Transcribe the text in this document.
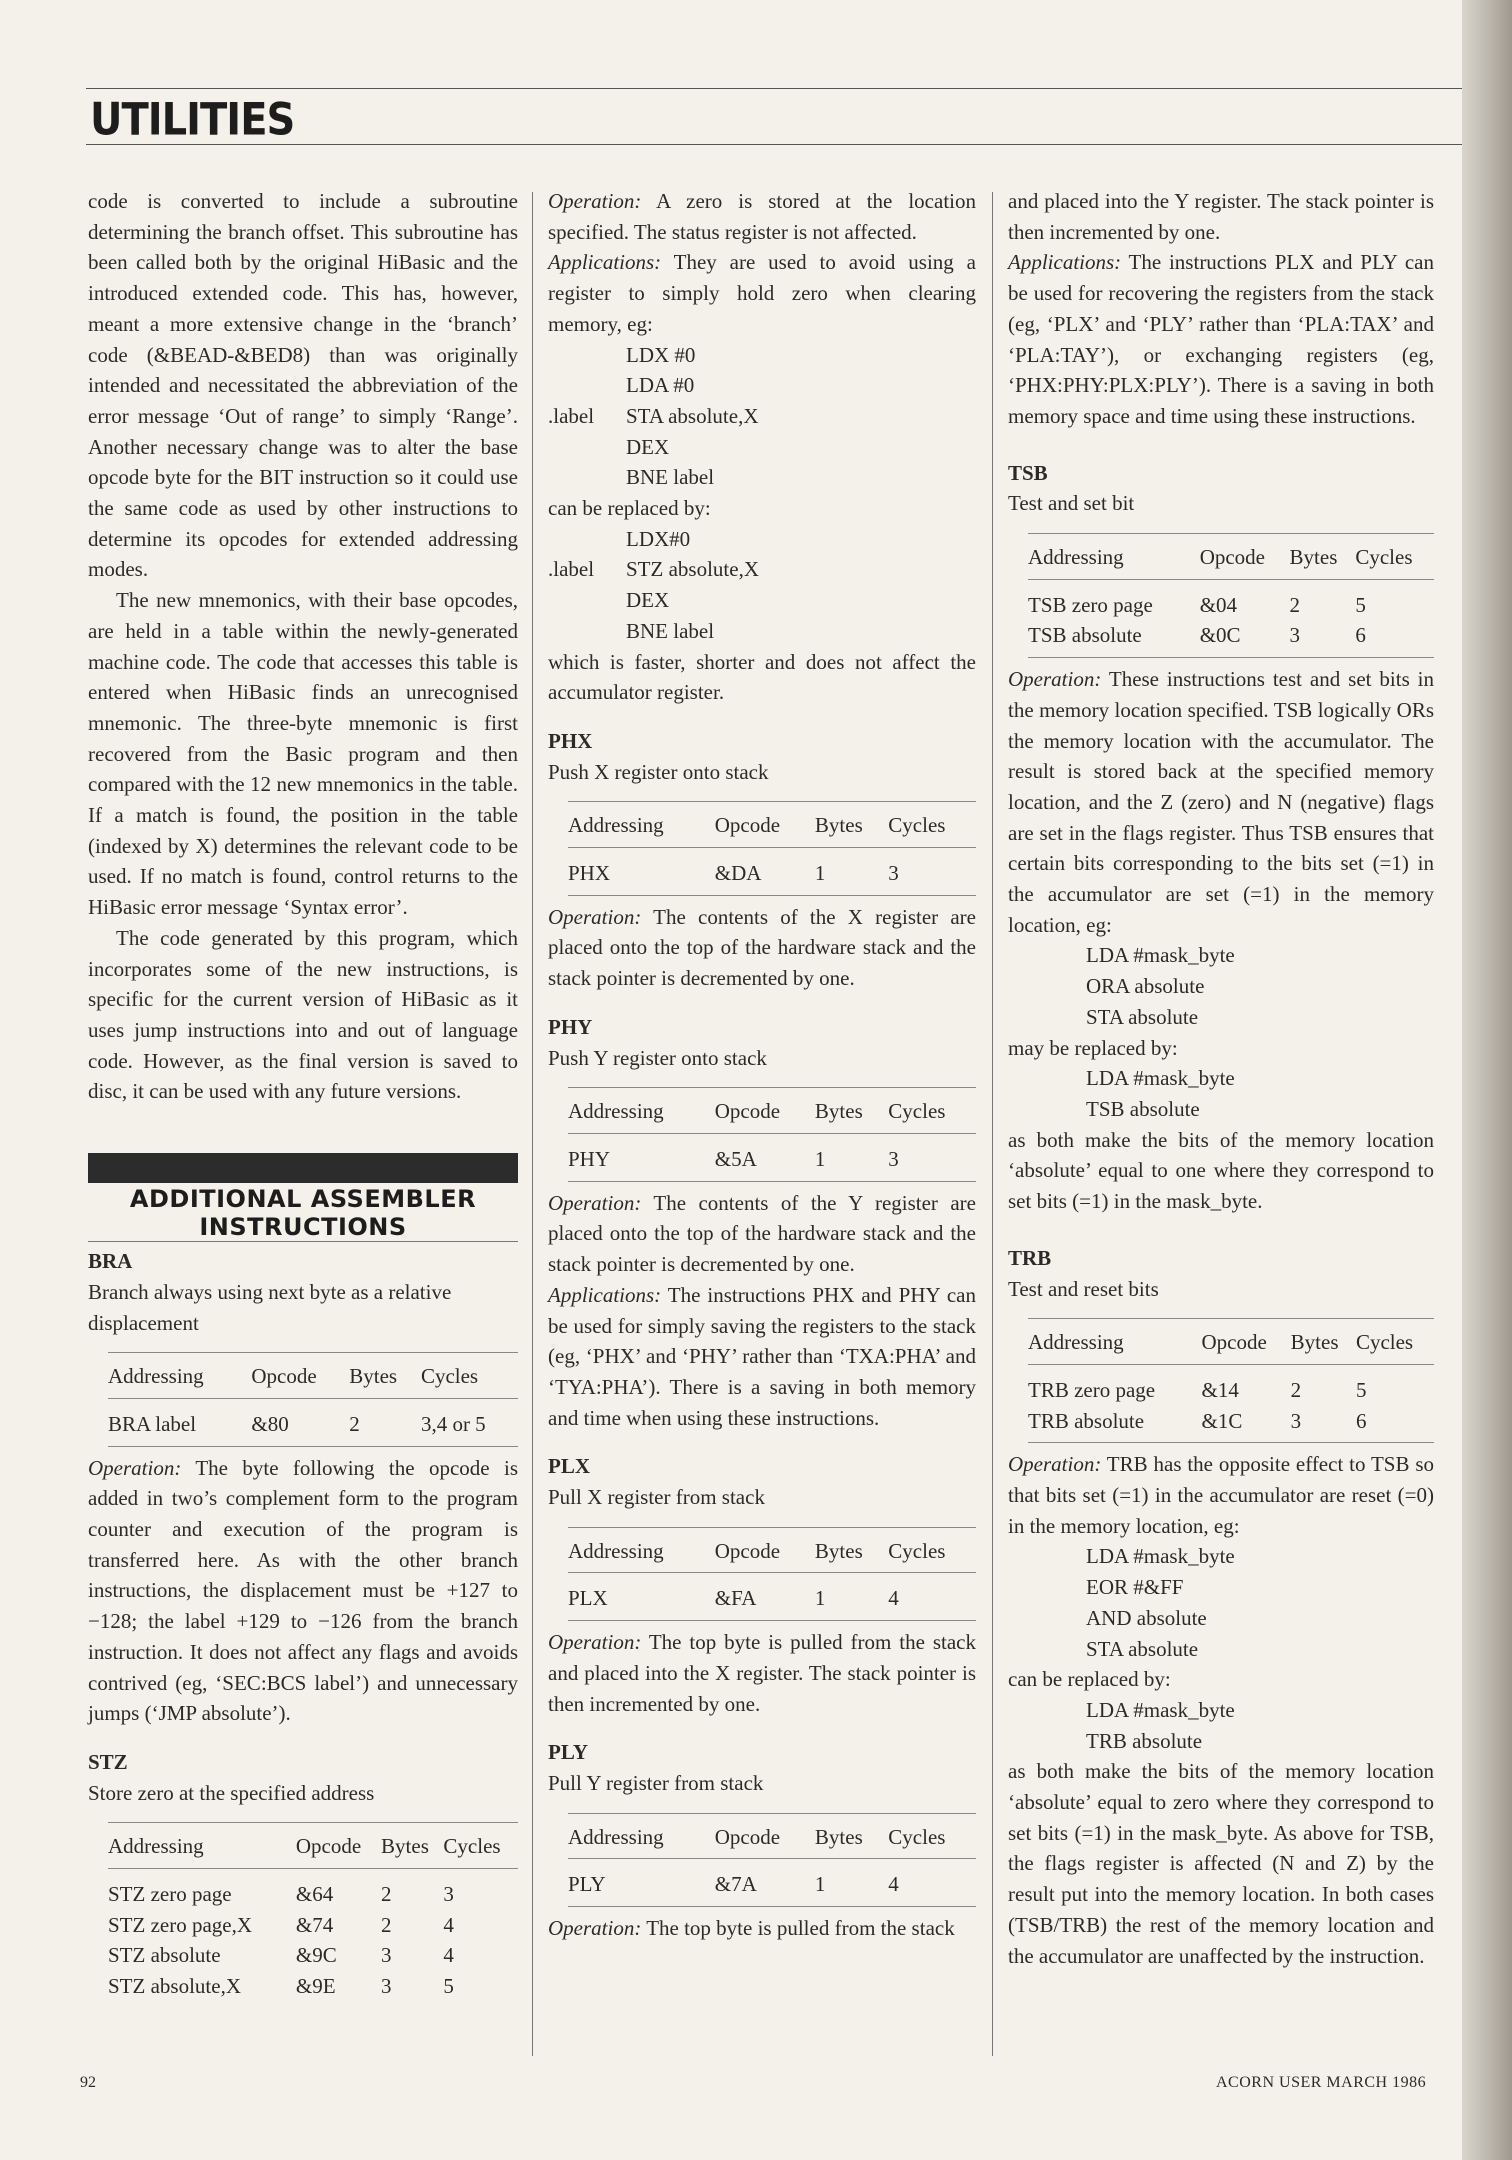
UTILITIES

code is converted to include a subroutine determining the branch offset. This subroutine has been called both by the original HiBasic and the introduced extended code. This has, however, meant a more extensive change in the ‘branch’ code (&BEAD-&BED8) than was originally intended and necessitated the abbreviation of the error message ‘Out of range’ to simply ‘Range’. Another necessary change was to alter the base opcode byte for the BIT instruction so it could use the same code as used by other instructions to determine its opcodes for extended addressing modes.

The new mnemonics, with their base opcodes, are held in a table within the newly-generated machine code. The code that accesses this table is entered when HiBasic finds an unrecognised mnemonic. The three-byte mnemonic is first recovered from the Basic program and then compared with the 12 new mnemonics in the table. If a match is found, the position in the table (indexed by X) determines the relevant code to be used. If no match is found, control returns to the HiBasic error message ‘Syntax error’.

The code generated by this program, which incorporates some of the new instructions, is specific for the current version of HiBasic as it uses jump instructions into and out of language code. However, as the final version is saved to disc, it can be used with any future versions.

ADDITIONAL ASSEMBLER
INSTRUCTIONS
BRA
Branch always using next byte as a relative displacement
Addressing	Opcode	Bytes	Cycles
BRA label	&80	2	3,4 or 5

Operation: The byte following the opcode is added in two’s complement form to the program counter and execution of the program is transferred here. As with the other branch instructions, the displacement must be +127 to −128; the label +129 to −126 from the branch instruction. It does not affect any flags and avoids contrived (eg, ‘SEC:BCS label’) and unnecessary jumps (‘JMP absolute’).

STZ
Store zero at the specified address
Addressing	Opcode	Bytes	Cycles
STZ zero page	&64	2	3
STZ zero page,X	&74	2	4
STZ absolute	&9C	3	4
STZ absolute,X	&9E	3	5

Operation: A zero is stored at the location specified. The status register is not affected.

Applications: They are used to avoid using a register to simply hold zero when clearing memory, eg:

LDX #0
LDA #0
.label STA absolute,X
DEX
BNE label
can be replaced by:
LDX#0
.label STZ absolute,X
DEX
BNE label

which is faster, shorter and does not affect the accumulator register.

PHX
Push X register onto stack
Addressing	Opcode	Bytes	Cycles
PHX	&DA	1	3

Operation: The contents of the X register are placed onto the top of the hardware stack and the stack pointer is decremented by one.

PHY
Push Y register onto stack
Addressing	Opcode	Bytes	Cycles
PHY	&5A	1	3

Operation: The contents of the Y register are placed onto the top of the hardware stack and the stack pointer is decremented by one.

Applications: The instructions PHX and PHY can be used for simply saving the registers to the stack (eg, ‘PHX’ and ‘PHY’ rather than ‘TXA:PHA’ and ‘TYA:PHA’). There is a saving in both memory and time when using these instructions.

PLX
Pull X register from stack
Addressing	Opcode	Bytes	Cycles
PLX	&FA	1	4

Operation: The top byte is pulled from the stack and placed into the X register. The stack pointer is then incremented by one.

PLY
Pull Y register from stack
Addressing	Opcode	Bytes	Cycles
PLY	&7A	1	4

Operation: The top byte is pulled from the stack

and placed into the Y register. The stack pointer is then incremented by one.

Applications: The instructions PLX and PLY can be used for recovering the registers from the stack (eg, ‘PLX’ and ‘PLY’ rather than ‘PLA:TAX’ and ‘PLA:TAY’), or exchanging registers (eg, ‘PHX:PHY:PLX:PLY’). There is a saving in both memory space and time using these instructions.

TSB
Test and set bit
Addressing	Opcode	Bytes	Cycles
TSB zero page	&04	2	5
TSB absolute	&0C	3	6

Operation: These instructions test and set bits in the memory location specified. TSB logically ORs the memory location with the accumulator. The result is stored back at the specified memory location, and the Z (zero) and N (negative) flags are set in the flags register. Thus TSB ensures that certain bits corresponding to the bits set (=1) in the accumulator are set (=1) in the memory location, eg:

LDA #mask_byte
ORA absolute
STA absolute
may be replaced by:
LDA #mask_byte
TSB absolute

as both make the bits of the memory location ‘absolute’ equal to one where they correspond to set bits (=1) in the mask_byte.

TRB
Test and reset bits
Addressing	Opcode	Bytes	Cycles
TRB zero page	&14	2	5
TRB absolute	&1C	3	6

Operation: TRB has the opposite effect to TSB so that bits set (=1) in the accumulator are reset (=0) in the memory location, eg:

LDA #mask_byte
EOR #&FF
AND absolute
STA absolute
can be replaced by:
LDA #mask_byte
TRB absolute

as both make the bits of the memory location ‘absolute’ equal to zero where they correspond to set bits (=1) in the mask_byte. As above for TSB, the flags register is affected (N and Z) by the result put into the memory location. In both cases (TSB/TRB) the rest of the memory location and the accumulator are unaffected by the instruction.

92	ACORN USER MARCH 1986
